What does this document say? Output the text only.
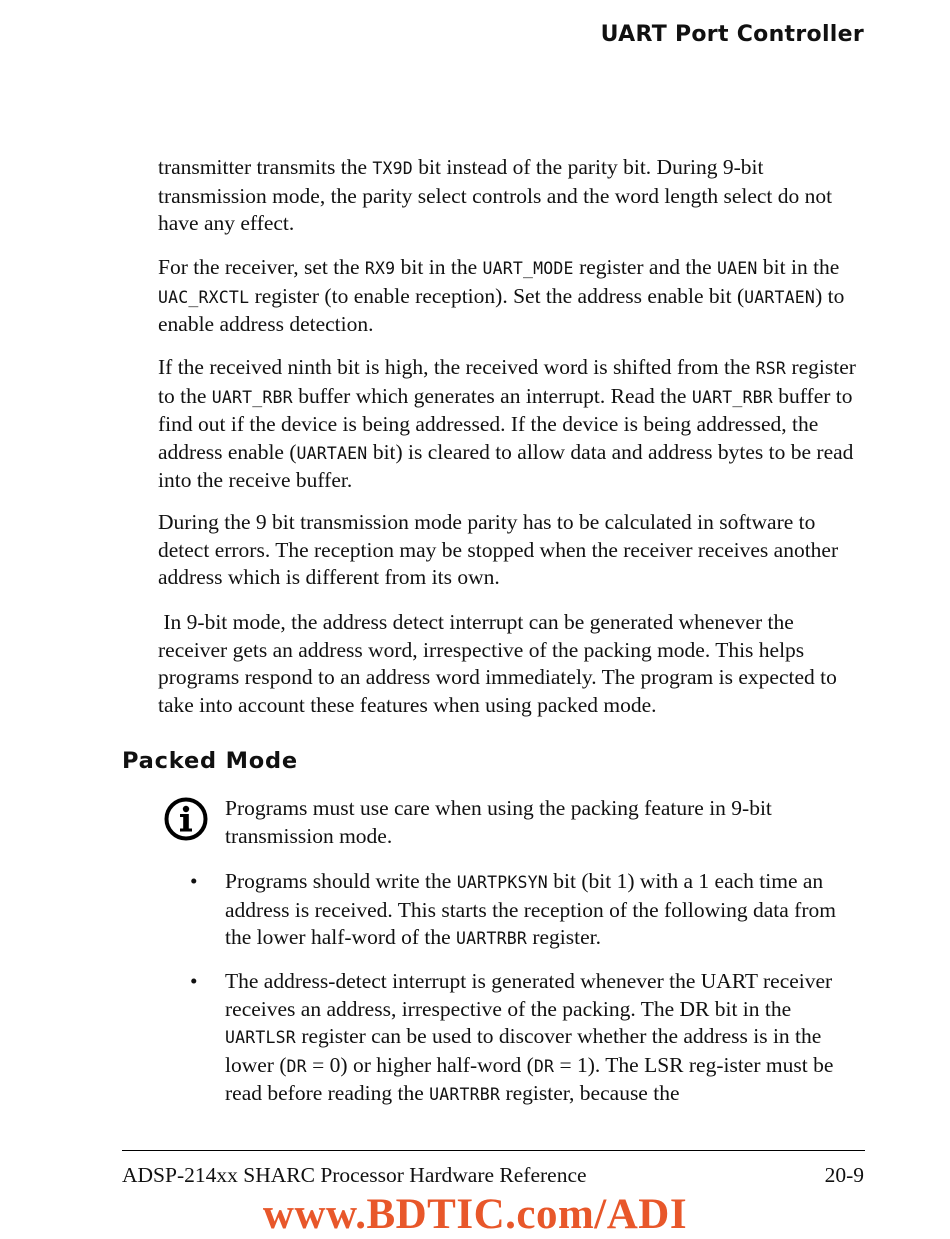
UART Port Controller

transmitter transmits the TX9D bit instead of the parity bit. During 9-bit transmission mode, the parity select controls and the word length select do not have any effect.

For the receiver, set the RX9 bit in the UART_MODE register and the UAEN bit in the UAC_RXCTL register (to enable reception). Set the address enable bit (UARTAEN) to enable address detection.

If the received ninth bit is high, the received word is shifted from the RSR register to the UART_RBR buffer which generates an interrupt. Read the UART_RBR buffer to find out if the device is being addressed. If the device is being addressed, the address enable (UARTAEN bit) is cleared to allow data and address bytes to be read into the receive buffer.

During the 9 bit transmission mode parity has to be calculated in software to detect errors. The reception may be stopped when the receiver receives another address which is different from its own.

In 9-bit mode, the address detect interrupt can be generated whenever the receiver gets an address word, irrespective of the packing mode. This helps programs respond to an address word immediately. The program is expected to take into account these features when using packed mode.

Packed Mode

Programs must use care when using the packing feature in 9-bit transmission mode.

• Programs should write the UARTPKSYN bit (bit 1) with a 1 each time an address is received. This starts the reception of the following data from the lower half-word of the UARTRBR register.

• The address-detect interrupt is generated whenever the UART receiver receives an address, irrespective of the packing. The DR bit in the UARTLSR register can be used to discover whether the address is in the lower (DR = 0) or higher half-word (DR = 1). The LSR reg-ister must be read before reading the UARTRBR register, because the

ADSP-214xx SHARC Processor Hardware Reference	20-9
www.BDTIC.com/ADI
